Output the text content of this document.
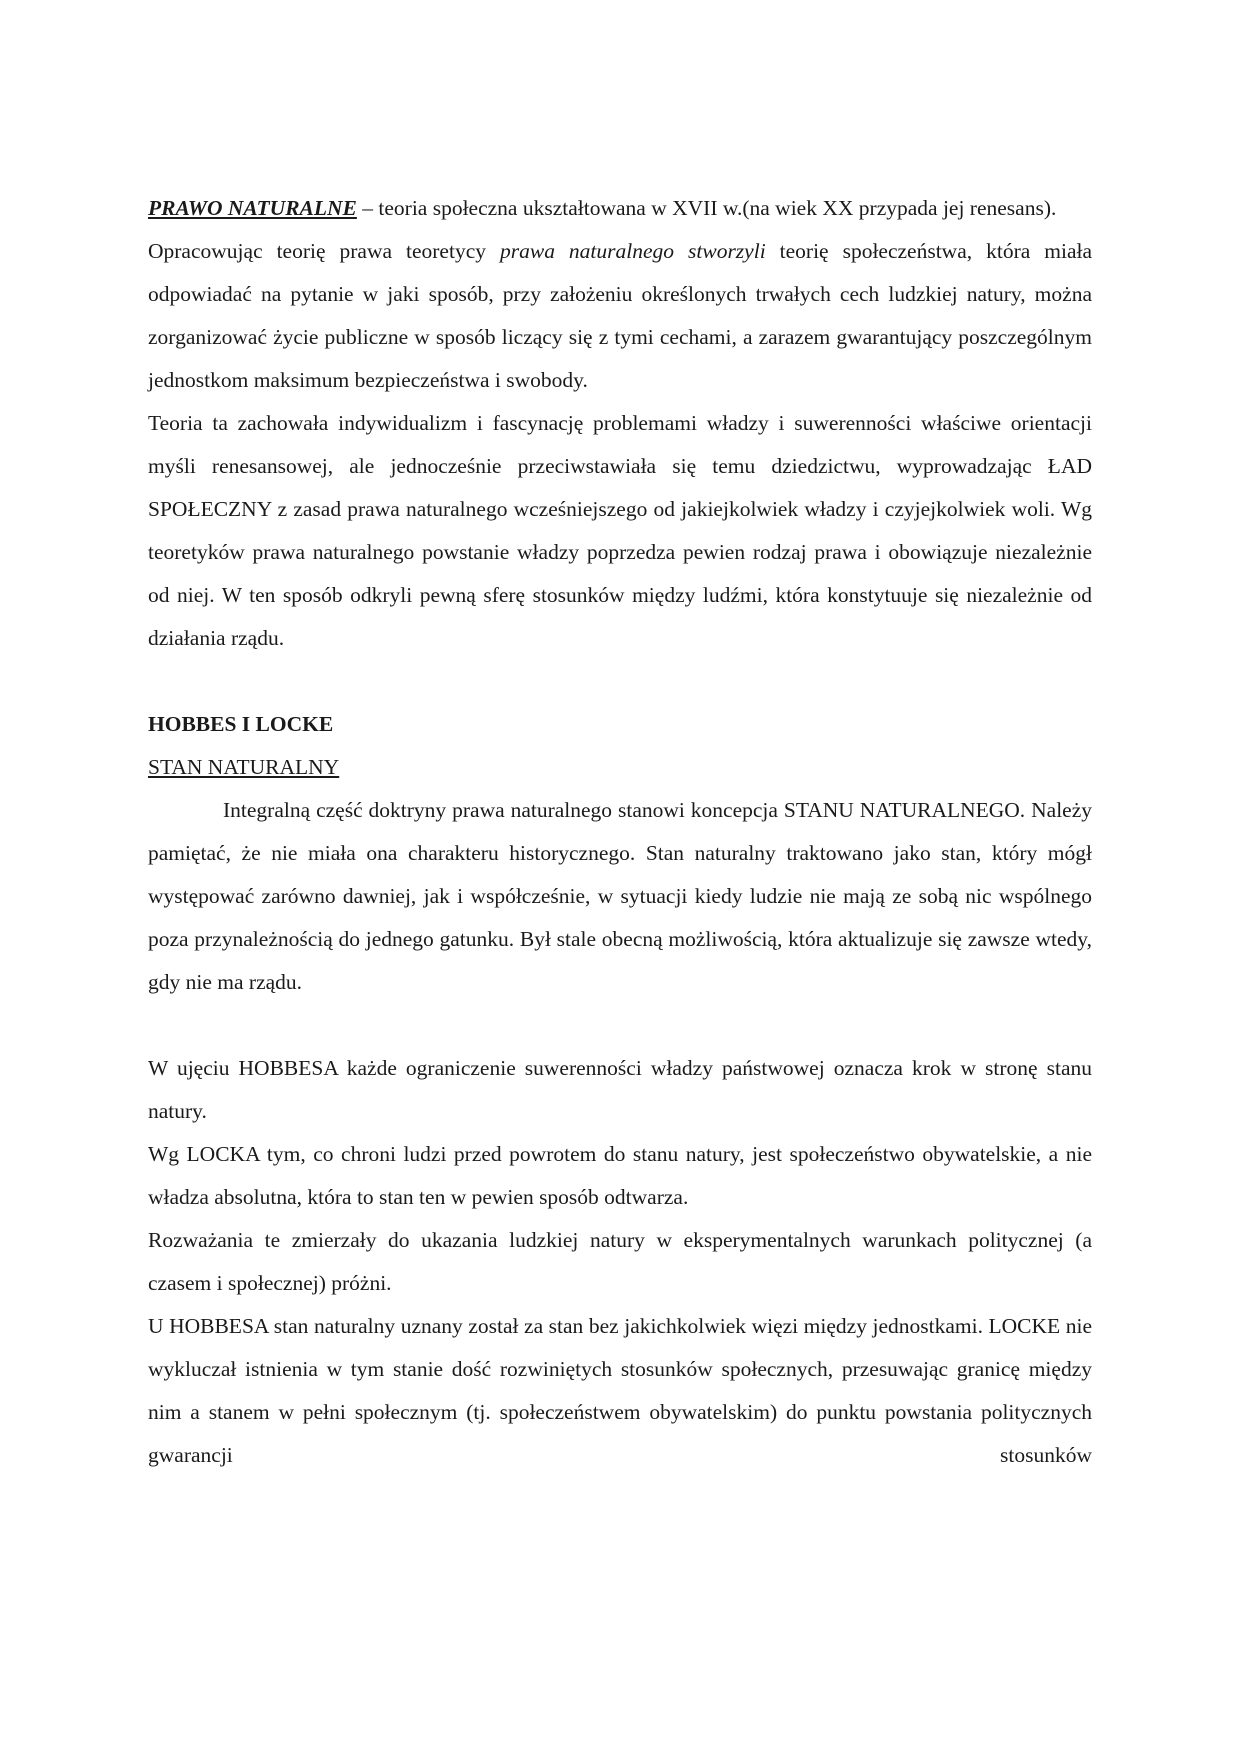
PRAWO NATURALNE – teoria społeczna ukształtowana w XVII w.(na wiek XX przypada jej renesans).

Opracowując teorię prawa teoretycy prawa naturalnego stworzyli teorię społeczeństwa, która miała odpowiadać na pytanie w jaki sposób, przy założeniu określonych trwałych cech ludzkiej natury, można zorganizować życie publiczne w sposób liczący się z tymi cechami, a zarazem gwarantujący poszczególnym jednostkom maksimum bezpieczeństwa i swobody.

Teoria ta zachowała indywidualizm i fascynację problemami władzy i suwerenności właściwe orientacji myśli renesansowej, ale jednocześnie przeciwstawiała się temu dziedzictwu, wyprowadzając ŁAD SPOŁECZNY z zasad prawa naturalnego wcześniejszego od jakiejkolwiek władzy i czyjejkolwiek woli. Wg teoretyków prawa naturalnego powstanie władzy poprzedza pewien rodzaj prawa i obowiązuje niezależnie od niej. W ten sposób odkryli pewną sferę stosunków między ludźmi, która konstytuuje się niezależnie od działania rządu.

HOBBES I LOCKE

STAN NATURALNY

Integralną część doktryny prawa naturalnego stanowi koncepcja STANU NATURALNEGO. Należy pamiętać, że nie miała ona charakteru historycznego. Stan naturalny traktowano jako stan, który mógł występować zarówno dawniej, jak i współcześnie, w sytuacji kiedy ludzie nie mają ze sobą nic wspólnego poza przynależnością do jednego gatunku. Był stale obecną możliwością, która aktualizuje się zawsze wtedy, gdy nie ma rządu.

W ujęciu HOBBESA każde ograniczenie suwerenności władzy państwowej oznacza krok w stronę stanu natury.

Wg LOCKA tym, co chroni ludzi przed powrotem do stanu natury, jest społeczeństwo obywatelskie, a nie władza absolutna, która to stan ten w pewien sposób odtwarza.

Rozważania te zmierzały do ukazania ludzkiej natury w eksperymentalnych warunkach politycznej (a czasem i społecznej) próżni.

U HOBBESA stan naturalny uznany został za stan bez jakichkolwiek więzi między jednostkami. LOCKE nie wykluczał istnienia w tym stanie dość rozwiniętych stosunków społecznych, przesuwając granicę między nim a stanem w pełni społecznym (tj. społeczeństwem obywatelskim) do punktu powstania politycznych gwarancji stosunków
